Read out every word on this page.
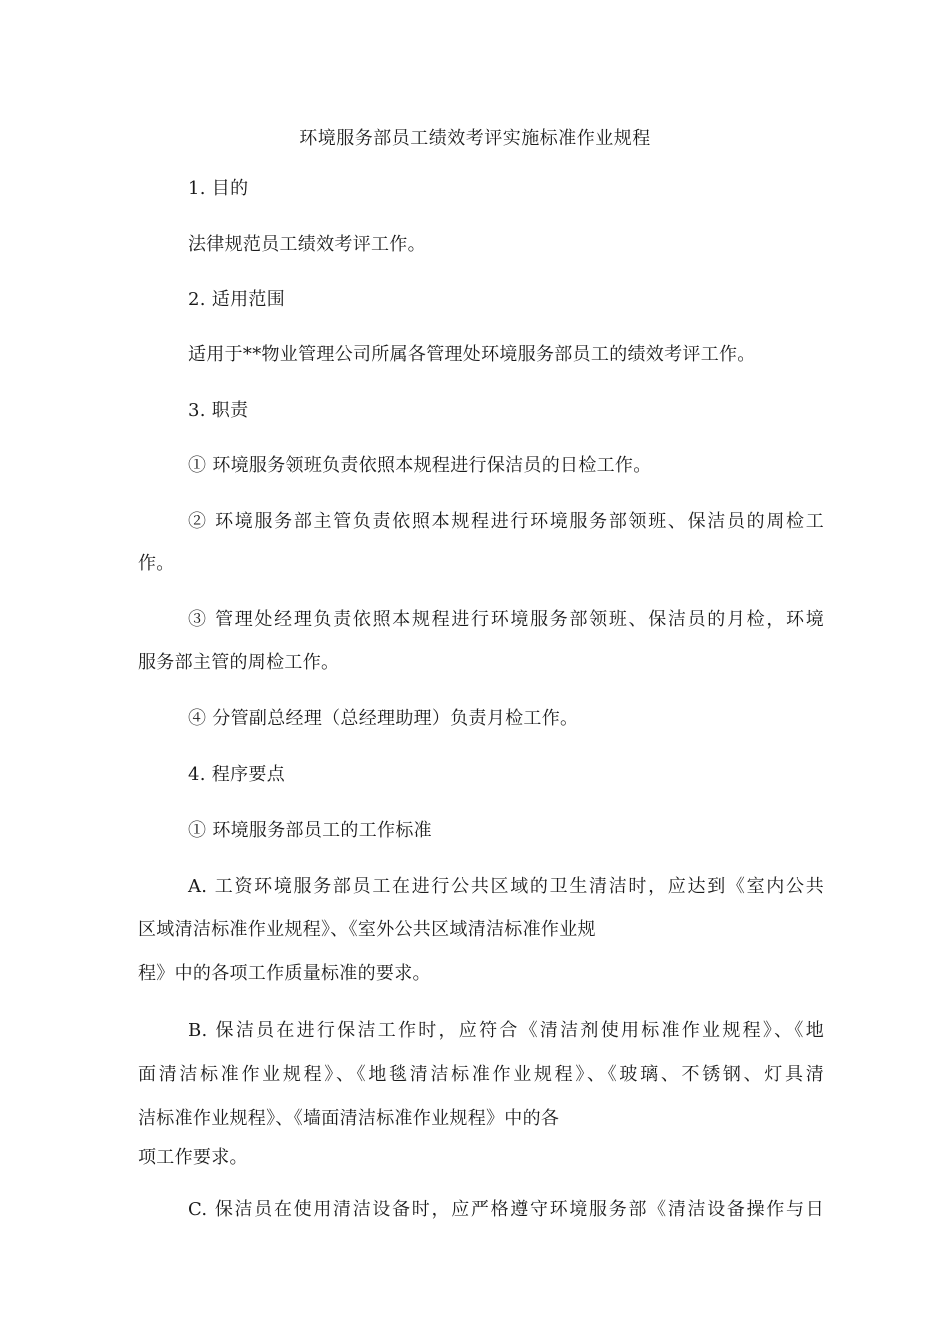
环境服务部员工绩效考评实施标准作业规程
1. 目的
法律规范员工绩效考评工作。
2. 适用范围
适用于**物业管理公司所属各管理处环境服务部员工的绩效考评工作。
3. 职责
① 环境服务领班负责依照本规程进行保洁员的日检工作。
② 环境服务部主管负责依照本规程进行环境服务部领班、保洁员的周检工
作。
③ 管理处经理负责依照本规程进行环境服务部领班、保洁员的月检，环境
服务部主管的周检工作。
④ 分管副总经理（总经理助理）负责月检工作。
4. 程序要点
① 环境服务部员工的工作标准
A. 工资环境服务部员工在进行公共区域的卫生清洁时，应达到《室内公共
区域清洁标准作业规程》、《室外公共区域清洁标准作业规
程》中的各项工作质量标准的要求。
B. 保洁员在进行保洁工作时，应符合《清洁剂使用标准作业规程》、《地
面清洁标准作业规程》、《地毯清洁标准作业规程》、《玻璃、不锈钢、灯具清
洁标准作业规程》、《墙面清洁标准作业规程》中的各
项工作要求。
C. 保洁员在使用清洁设备时，应严格遵守环境服务部《清洁设备操作与日
